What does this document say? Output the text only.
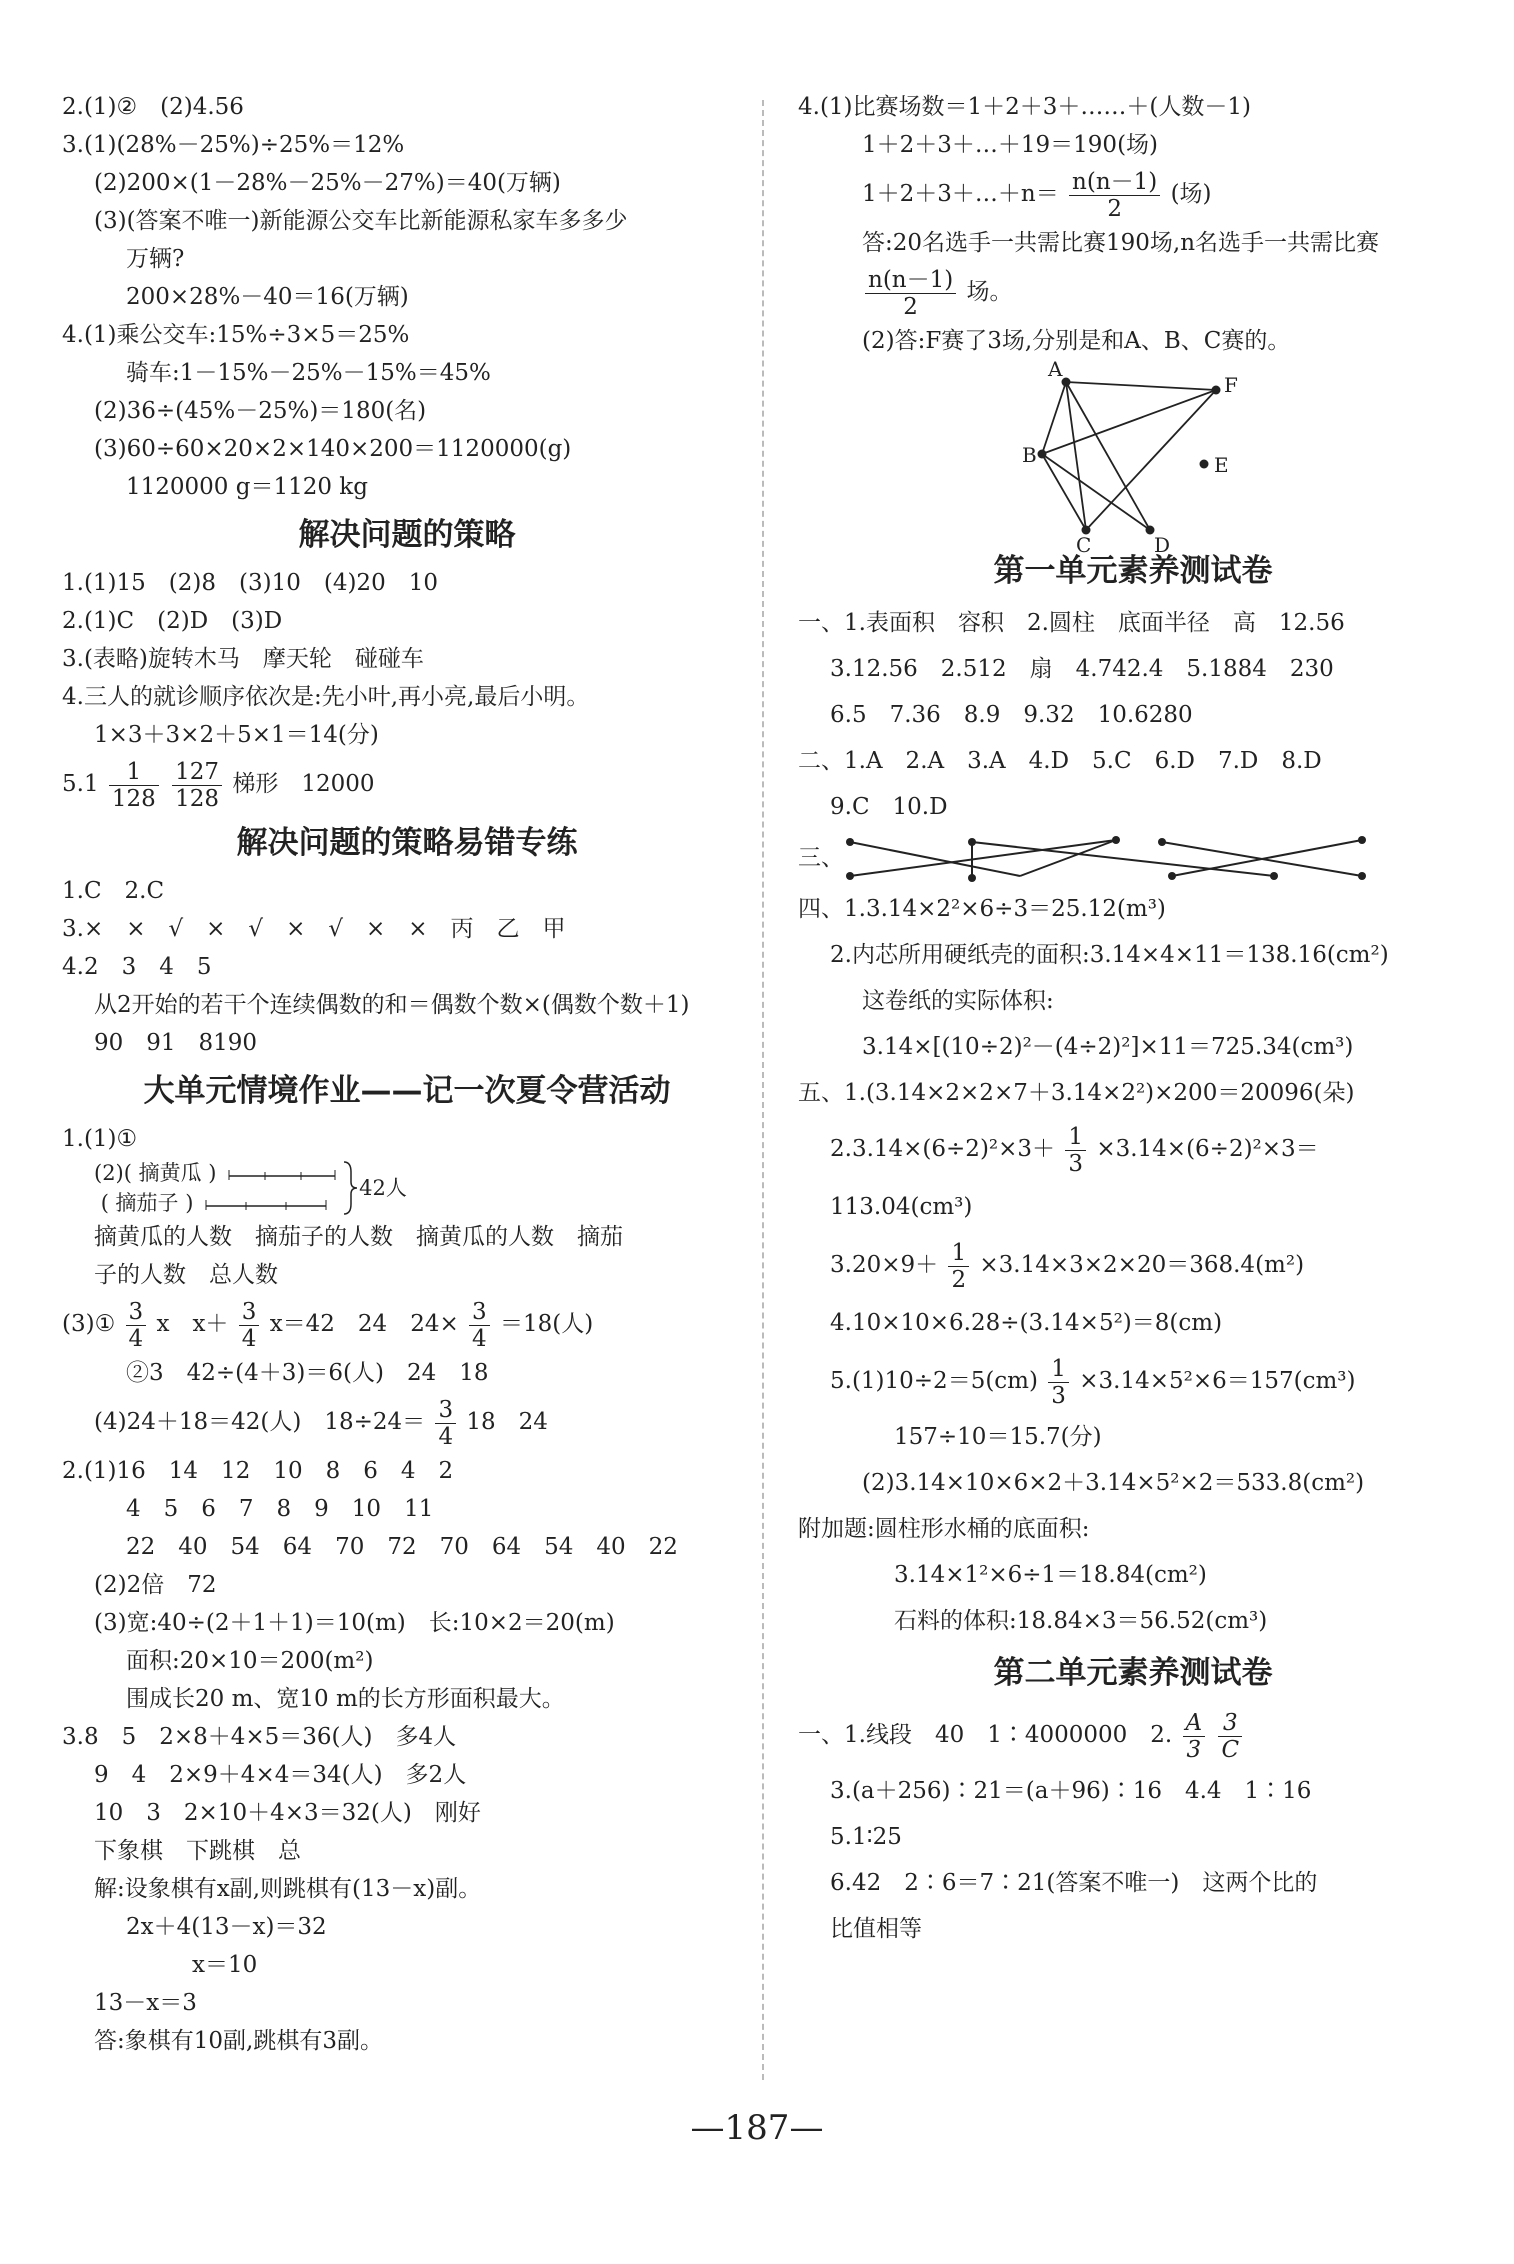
2.(1)②　(2)4.56
3.(1)(28%－25%)÷25%＝12%
(2)200×(1－28%－25%－27%)＝40(万辆)
(3)(答案不唯一)新能源公交车比新能源私家车多多少
万辆?
200×28%－40＝16(万辆)
4.(1)乘公交车:15%÷3×5＝25%
骑车:1－15%－25%－15%＝45%
(2)36÷(45%－25%)＝180(名)
(3)60÷60×20×2×140×200＝1120000(g)
1120000 g＝1120 kg
解决问题的策略
1.(1)15　(2)8　(3)10　(4)20　10
2.(1)C　(2)D　(3)D
3.(表略)旋转木马　摩天轮　碰碰车
4.三人的就诊顺序依次是:先小叶,再小亮,最后小明。
1×3＋3×2＋5×1＝14(分)
$5.1 \frac{1}{128}$
$\frac{127}{128}$ 梯形　12000
解决问题的策略易错专练
1.C　2.C
3.×　×　√　×　√　×　√　×　×　丙　乙　甲
4.2　3　4　5
从2开始的若干个连续偶数的和＝偶数个数×(偶数个数＋1)
90　91　8190
大单元情境作业——记一次夏令营活动
1.(1)①
(2)( 摘黄瓜 )
( 摘茄子 )
42人
摘黄瓜的人数　摘茄子的人数　摘黄瓜的人数　摘茄
子的人数　总人数
(3)① $\frac{3}{4}$ x　$x+ \frac{3}{4} x=42$　24　$24\times \frac{3}{4} =18$(人)
②3　42÷(4＋3)＝6(人)　24　18
(4)24＋18＝42(人)　$18\div 24= \frac{3}{4} 18$　24
2.(1)16　14　12　10　8　6　4　2
4　5　6　7　8　9　10　11
22　40　54　64　70　72　70　64　54　40　22
(2)2倍　72
(3)宽:40÷(2＋1＋1)＝10(m)　长:10×2＝20(m)
面积:20×10＝200(m²)
围成长20 m、宽10 m的长方形面积最大。
3.8　5　2×8＋4×5＝36(人)　多4人
9　4　2×9＋4×4＝34(人)　多2人
10　3　2×10＋4×3＝32(人)　刚好
下象棋　下跳棋　总
解:设象棋有x副,则跳棋有(13－x)副。
2x＋4(13－x)＝32
x＝10
13－x＝3
答:象棋有10副,跳棋有3副。
4.(1)比赛场数＝1＋2＋3＋……＋(人数－1)
1＋2＋3＋…＋19＝190(场)
1＋2＋3＋…＋n＝ $\frac{n(n-1)}{2}$ (场)
答:20名选手一共需比赛190场,n名选手一共需比赛
$\frac{n(n-1)}{2}$ 场。
(2)答:F赛了3场,分别是和A、B、C赛的。
A
F
B	E
C	D
第一单元素养测试卷
一、1.表面积　容积　2.圆柱　底面半径　高　12.56
3.12.56　2.512　扇　4.742.4　5.1884　230
6.5　7.36　8.9　9.32　10.6280
二、1.A　2.A　3.A　4.D　5.C　6.D　7.D　8.D
9.C　10.D
三、
四、1.3.14×2²×6÷3＝25.12(m³)
2.内芯所用硬纸壳的面积:3.14×4×11＝138.16(cm²)
这卷纸的实际体积:
3.14×[(10÷2)²－(4÷2)²]×11＝725.34(cm³)
五、1.(3.14×2×2×7＋3.14×2²)×200＝20096(朵)
$2.3.14\times(6\div 2)^2\times 3+ \frac{1}{3} \times 3.14\times(6\div 2)^2\times 3=$
113.04(cm³)
$3.20\times 9+ \frac{1}{2} \times 3.14\times 3\times 2\times 20=368.4(m^2)$
4.10×10×6.28÷(3.14×5²)＝8(cm)
$5.(1)10\div 2=5(cm) \frac{1}{3} \times 3.14\times 5^2\times 6=157(cm^3)$
157÷10＝15.7(分)
(2)3.14×10×6×2＋3.14×5²×2＝533.8(cm²)
附加题:圆柱形水桶的底面积:
3.14×1²×6÷1＝18.84(cm²)
石料的体积:18.84×3＝56.52(cm³)
第二单元素养测试卷
一、1.线段　40　1∶4000000　2. $\frac{A}{3}$
$\frac{3}{C}$
3.(a＋256)∶21＝(a＋96)∶16　4.4　1∶16
5.1∶25
6.42　2∶6＝7∶21(答案不唯一)　这两个比的
比值相等
—187—
